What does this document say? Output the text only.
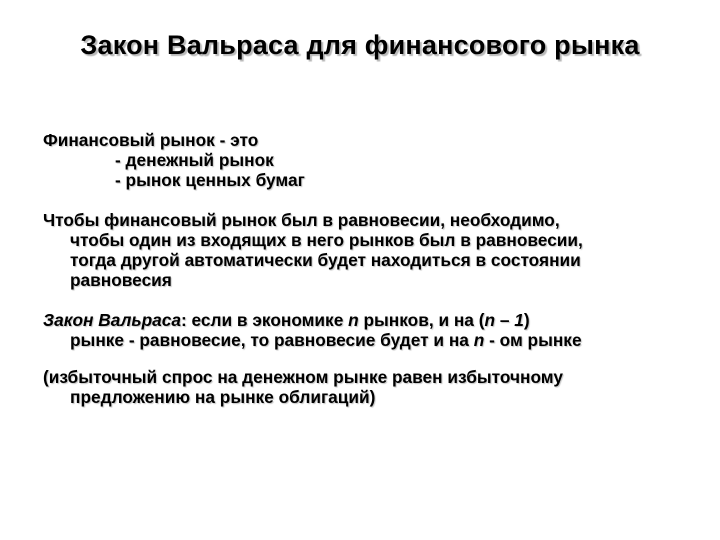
Закон Вальраса для финансового рынка
Финансовый рынок - это
- денежный рынок
- рынок ценных бумаг
Чтобы финансовый рынок был в равновесии, необходимо,
чтобы один из входящих в него рынков был в равновесии,
тогда другой автоматически будет находиться в состоянии
равновесия
Закон Вальраса: если в экономике n рынков, и на (n – 1)
рынке - равновесие, то равновесие будет и на n - ом рынке
(избыточный спрос на денежном рынке равен избыточному
предложению на рынке облигаций)
